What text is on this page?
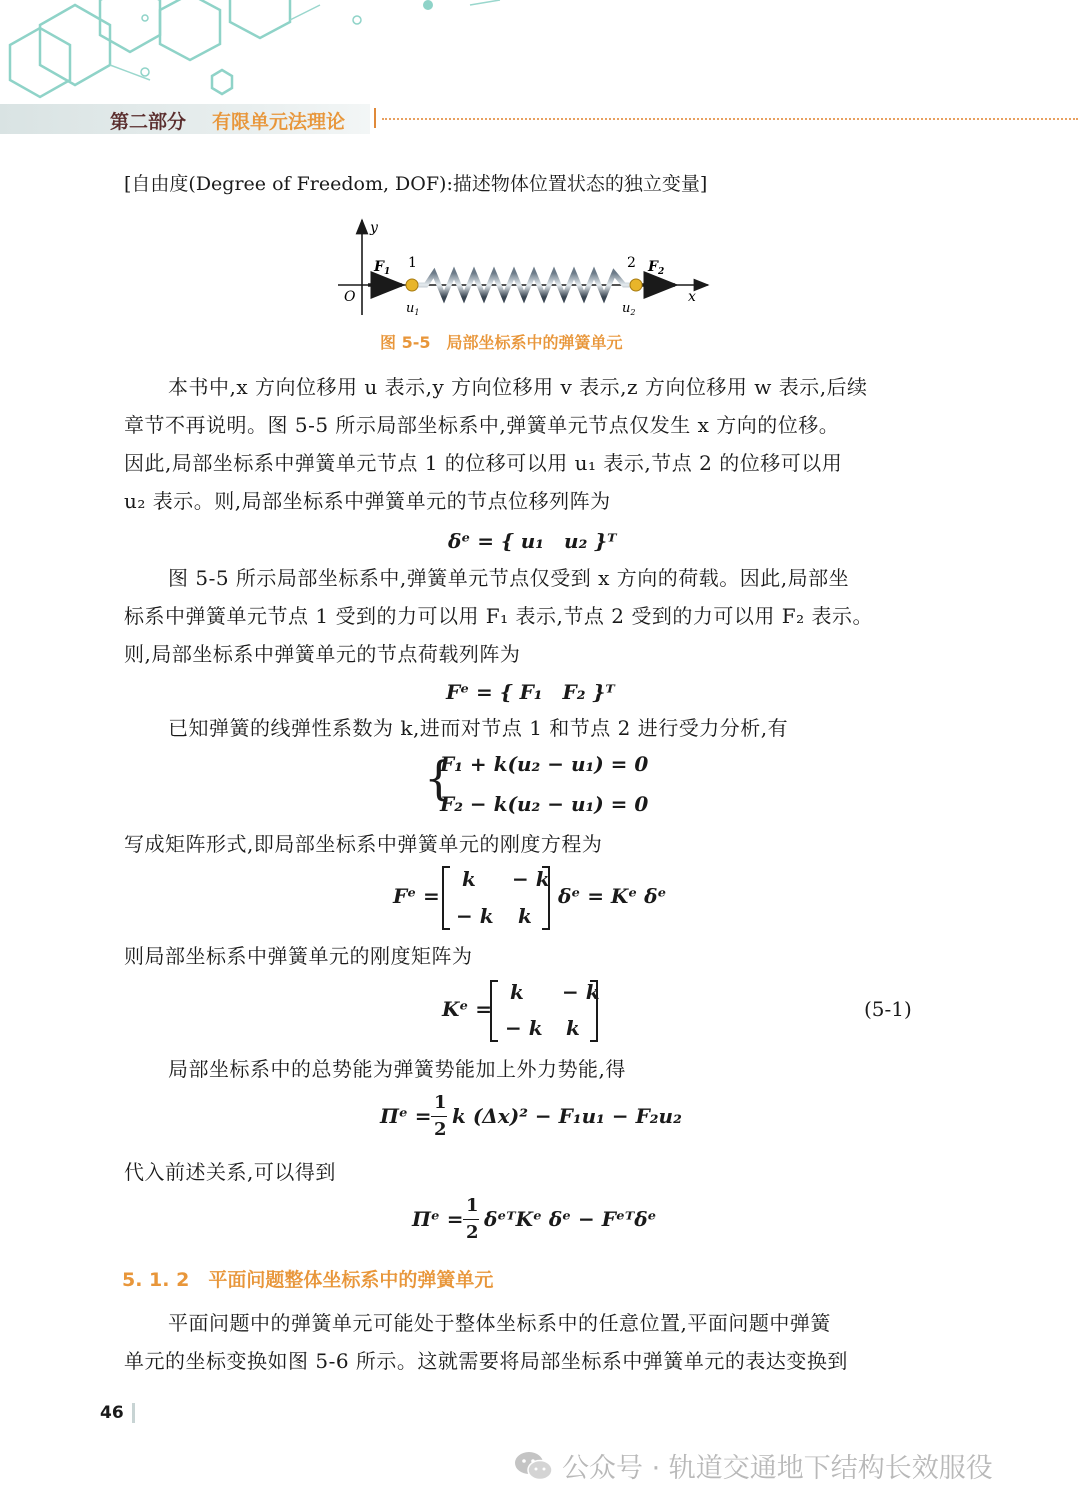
第二部分 有限单元法理论
[自由度(Degree of Freedom, DOF):描述物体位置状态的独立变量]
y
O	x
$F_1$	$F_2$
1	2
$u_1$	$u_2$
图 5-5　局部坐标系中的弹簧单元
本书中,x 方向位移用 u 表示,y 方向位移用 v 表示,z 方向位移用 w 表示,后续
章节不再说明。图 5-5 所示局部坐标系中,弹簧单元节点仅发生 x 方向的位移。
因此,局部坐标系中弹簧单元节点 1 的位移可以用 u₁ 表示,节点 2 的位移可以用
u₂ 表示。则,局部坐标系中弹簧单元的节点位移列阵为
δᵉ = { u₁　u₂ }ᵀ
图 5-5 所示局部坐标系中,弹簧单元节点仅受到 x 方向的荷载。因此,局部坐
标系中弹簧单元节点 1 受到的力可以用 F₁ 表示,节点 2 受到的力可以用 F₂ 表示。
则,局部坐标系中弹簧单元的节点荷载列阵为
Fᵉ = { F₁　F₂ }ᵀ
已知弹簧的线弹性系数为 k,进而对节点 1 和节点 2 进行受力分析,有
{
F₁ + k(u₂ − u₁) = 0
F₂ − k(u₂ − u₁) = 0
写成矩阵形式,即局部坐标系中弹簧单元的刚度方程为
Fᵉ =
k − k
− k k
δᵉ = Kᵉ δᵉ
则局部坐标系中弹簧单元的刚度矩阵为
Kᵉ =
k − k
− k k
(5-1)
局部坐标系中的总势能为弹簧势能加上外力势能,得
Πᵉ =
1
2
k (Δx)² − F₁u₁ − F₂u₂
代入前述关系,可以得到
Πᵉ =
1
2
δᵉᵀKᵉ δᵉ − Fᵉᵀδᵉ
5. 1. 2　平面问题整体坐标系中的弹簧单元
平面问题中的弹簧单元可能处于整体坐标系中的任意位置,平面问题中弹簧
单元的坐标变换如图 5-6 所示。这就需要将局部坐标系中弹簧单元的表达变换到
46
公众号 · 轨道交通地下结构长效服役
